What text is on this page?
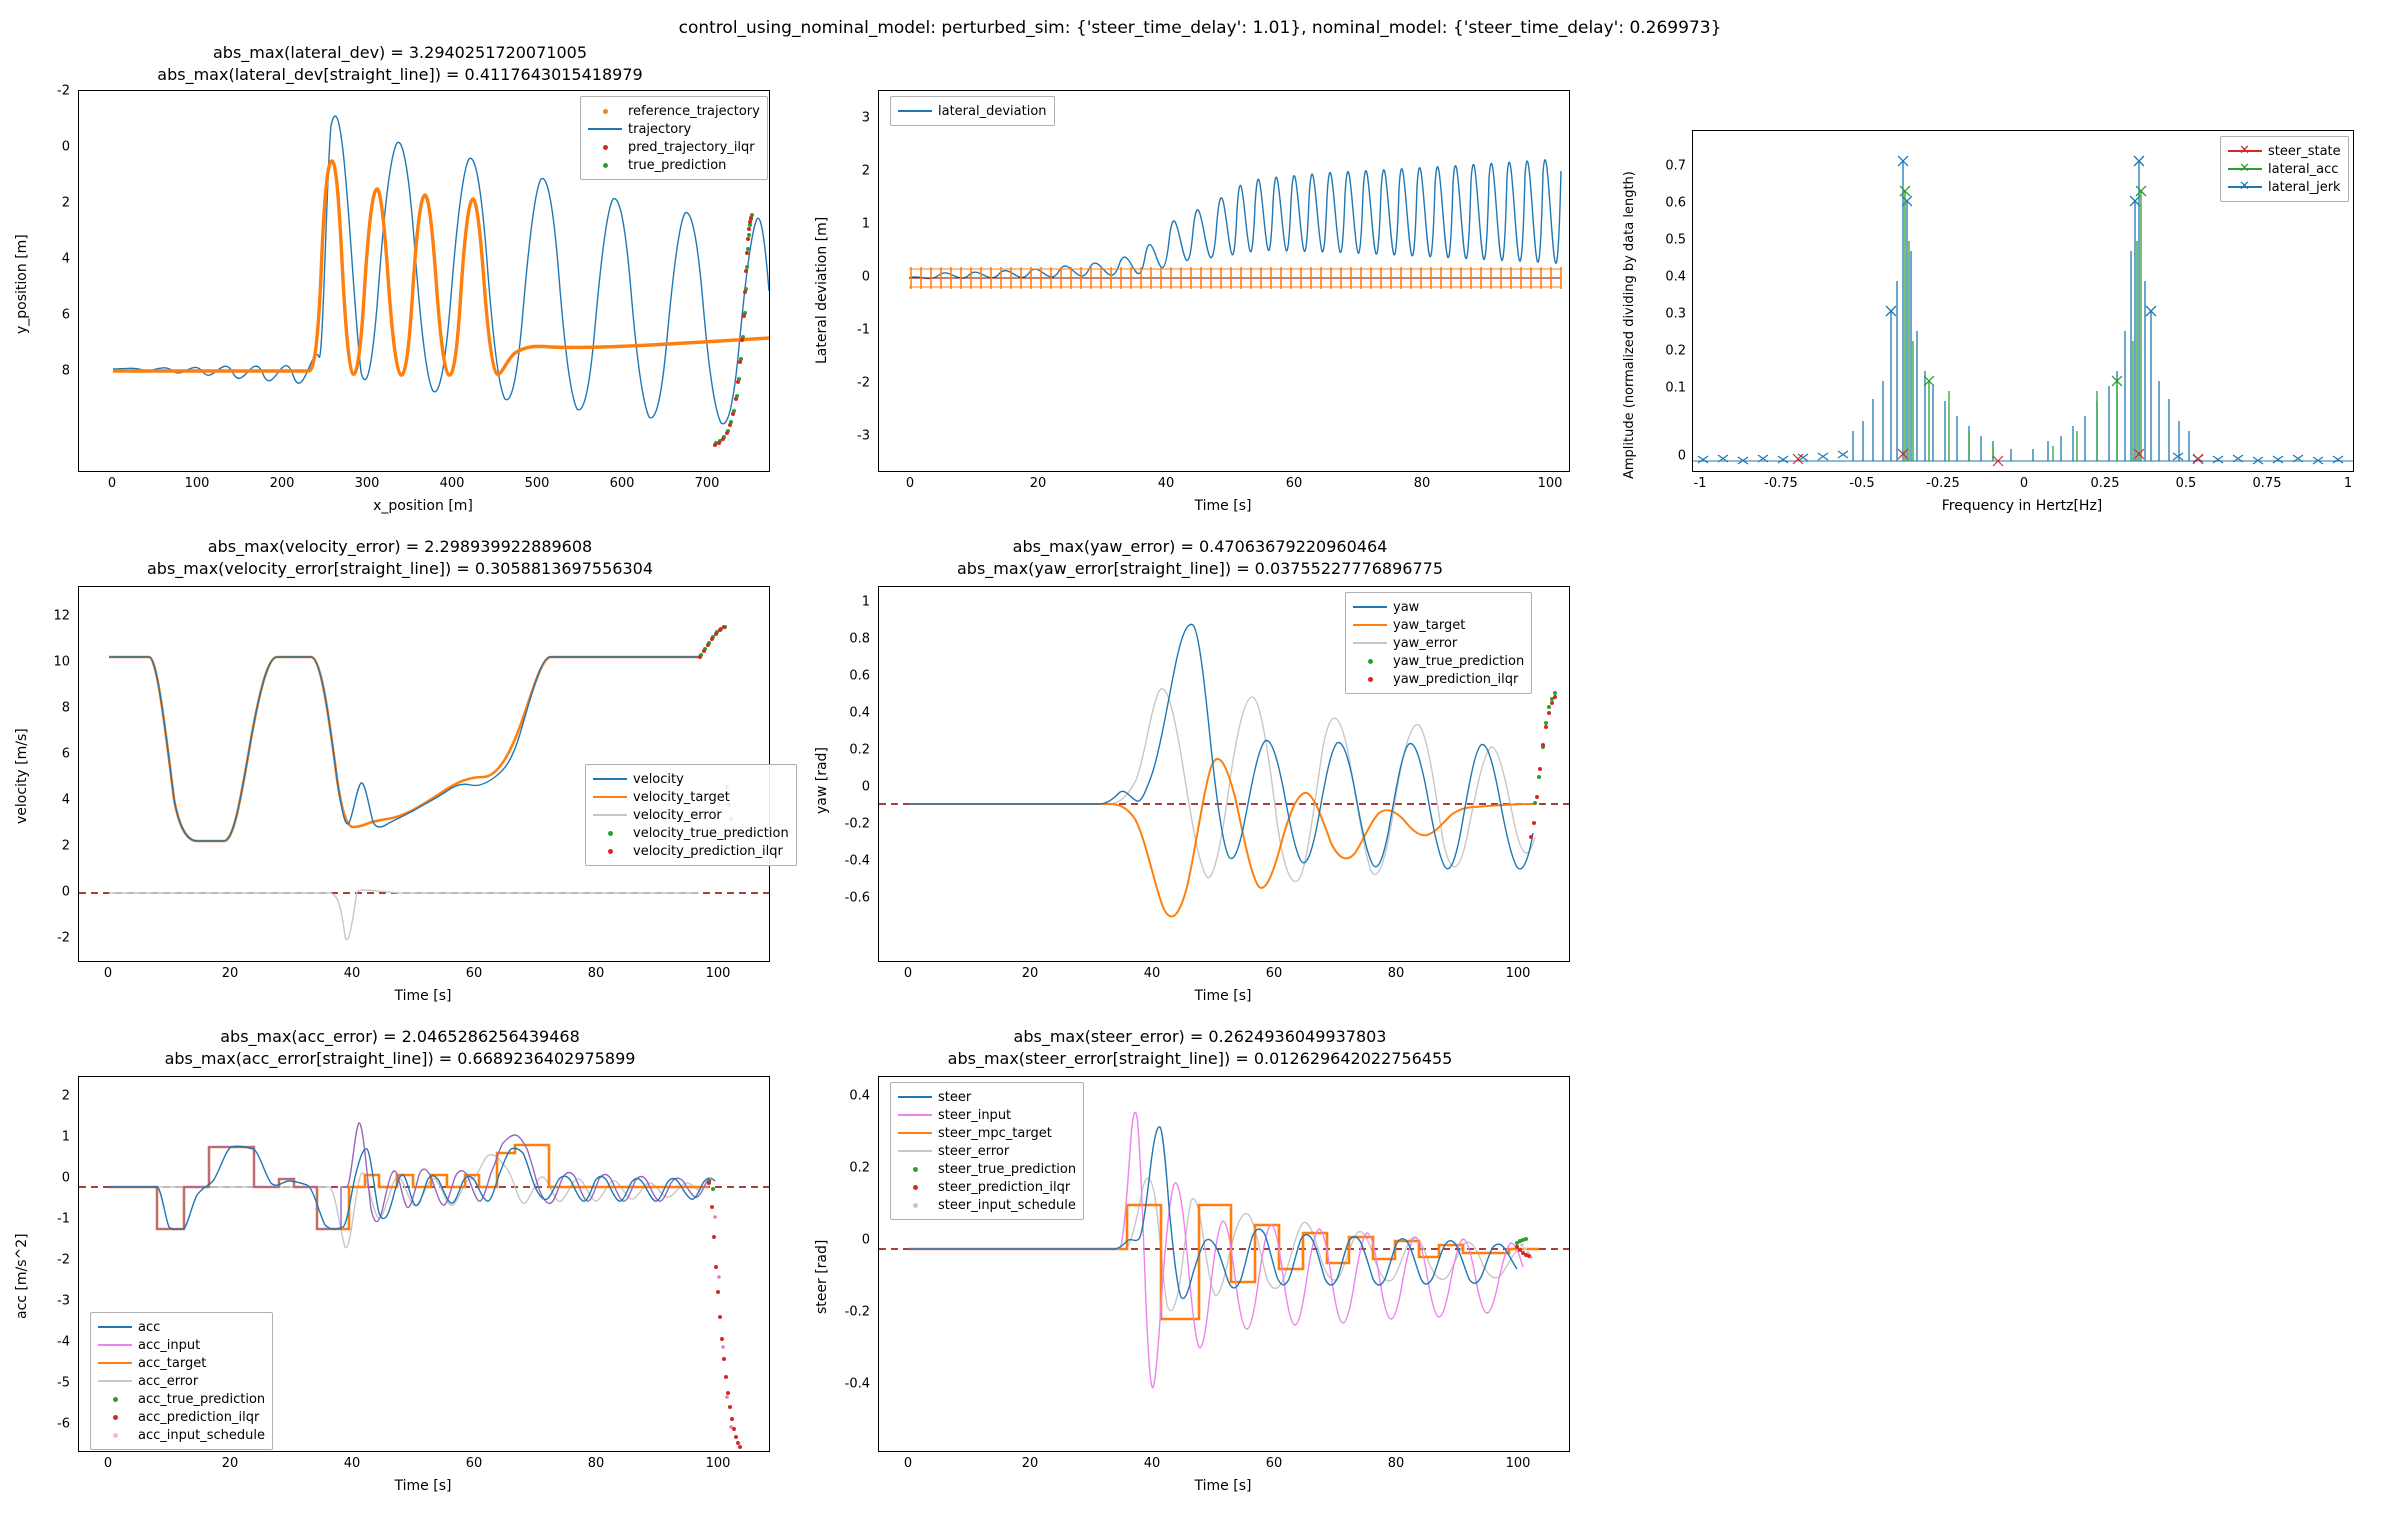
control_using_nominal_model: perturbed_sim: {'steer_time_delay': 1.01}, nominal_model: {'steer_time_delay': 0.269973}
abs_max(lateral_dev) = 3.2940251720071005
abs_max(lateral_dev[straight_line]) = 0.4117643015418979
y_position [m]
-2
0
2
4
6
8
0	100	200	300	400	500	600	700
x_position [m]
reference_trajectory
trajectory
pred_trajectory_ilqr
true_prediction
Lateral deviation [m]
3
2
1
0
-1
-2
-3
0	20	40	60	80	100
Time [s]
lateral_deviation
Amplitude (normalized dividing by data length)
0.7
0.6
0.5
0.4
0.3
0.2
0.1
0
-1	-0.75	-0.5	-0.25	0	0.25	0.5	0.75	1
Frequency in Hertz[Hz]
✕ steer_state
✕ lateral_acc
✕ lateral_jerk
abs_max(velocity_error) = 2.298939922889608
abs_max(velocity_error[straight_line]) = 0.3058813697556304
velocity [m/s]
12
10
8
6
4
2
0
-2
0	20	40	60	80	100
Time [s]
velocity
velocity_target
velocity_error
velocity_true_prediction
velocity_prediction_ilqr
abs_max(yaw_error) = 0.47063679220960464
abs_max(yaw_error[straight_line]) = 0.03755227776896775
yaw [rad]
1
0.8
0.6
0.4
0.2
0
-0.2
-0.4
-0.6
0	20	40	60	80	100
Time [s]
yaw
yaw_target
yaw_error
yaw_true_prediction
yaw_prediction_ilqr
abs_max(acc_error) = 2.0465286256439468
abs_max(acc_error[straight_line]) = 0.6689236402975899
acc [m/s^2]
2
1
0
-1
-2
-3
-4
-5
-6
0	20	40	60	80	100
Time [s]
acc
acc_input
acc_target
acc_error
acc_true_prediction
acc_prediction_ilqr
acc_input_schedule
abs_max(steer_error) = 0.2624936049937803
abs_max(steer_error[straight_line]) = 0.012629642022756455
steer [rad]
0.4
0.2
0
-0.2
-0.4
0	20	40	60	80	100
Time [s]
steer
steer_input
steer_mpc_target
steer_error
steer_true_prediction
steer_prediction_ilqr
steer_input_schedule
